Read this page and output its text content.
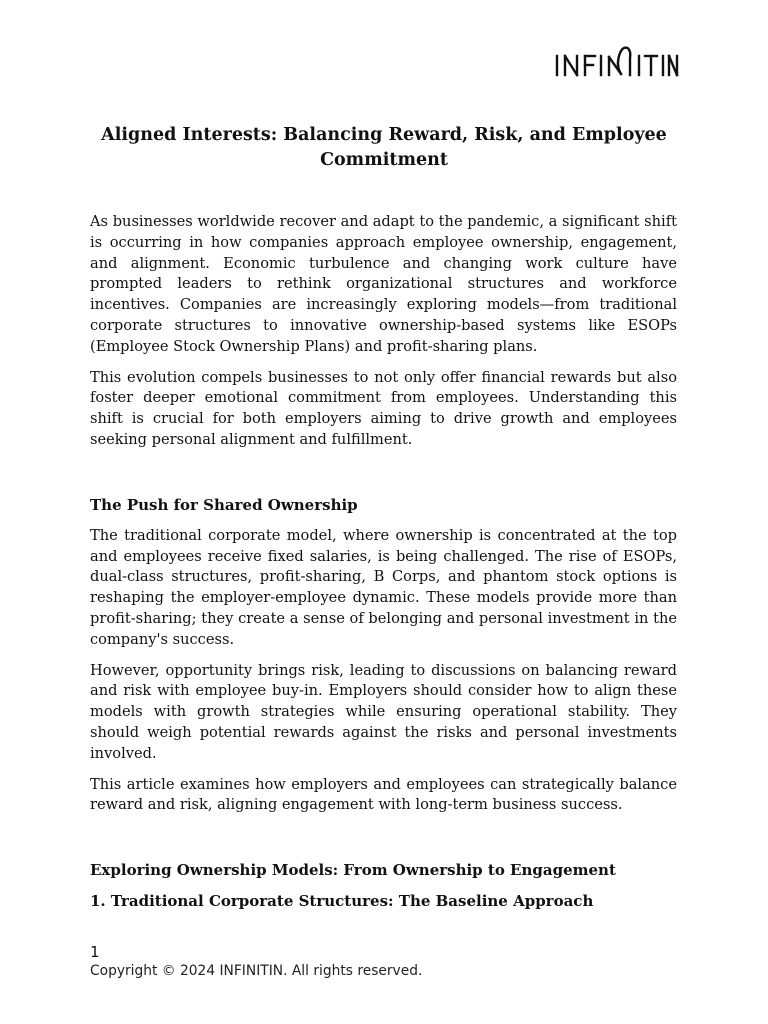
Aligned Interests: Balancing Reward, Risk, and Employee Commitment

As businesses worldwide recover and adapt to the pandemic, a significant shift is occurring in how companies approach employee ownership, engagement, and alignment. Economic turbulence and changing work culture have prompted leaders to rethink organizational structures and workforce incentives. Companies are increasingly exploring models—from traditional corporate structures to innovative ownership-based systems like ESOPs (Employee Stock Ownership Plans) and profit-sharing plans.

This evolution compels businesses to not only offer financial rewards but also foster deeper emotional commitment from employees. Understanding this shift is crucial for both employers aiming to drive growth and employees seeking personal alignment and fulfillment.

The Push for Shared Ownership

The traditional corporate model, where ownership is concentrated at the top and employees receive fixed salaries, is being challenged. The rise of ESOPs, dual-class structures, profit-sharing, B Corps, and phantom stock options is reshaping the employer-employee dynamic. These models provide more than profit-sharing; they create a sense of belonging and personal investment in the company's success.

However, opportunity brings risk, leading to discussions on balancing reward and risk with employee buy-in. Employers should consider how to align these models with growth strategies while ensuring operational stability. They should weigh potential rewards against the risks and personal investments involved.

This article examines how employers and employees can strategically balance reward and risk, aligning engagement with long-term business success.

Exploring Ownership Models: From Ownership to Engagement
1. Traditional Corporate Structures: The Baseline Approach
1
Copyright © 2024 INFINITIN. All rights reserved.
